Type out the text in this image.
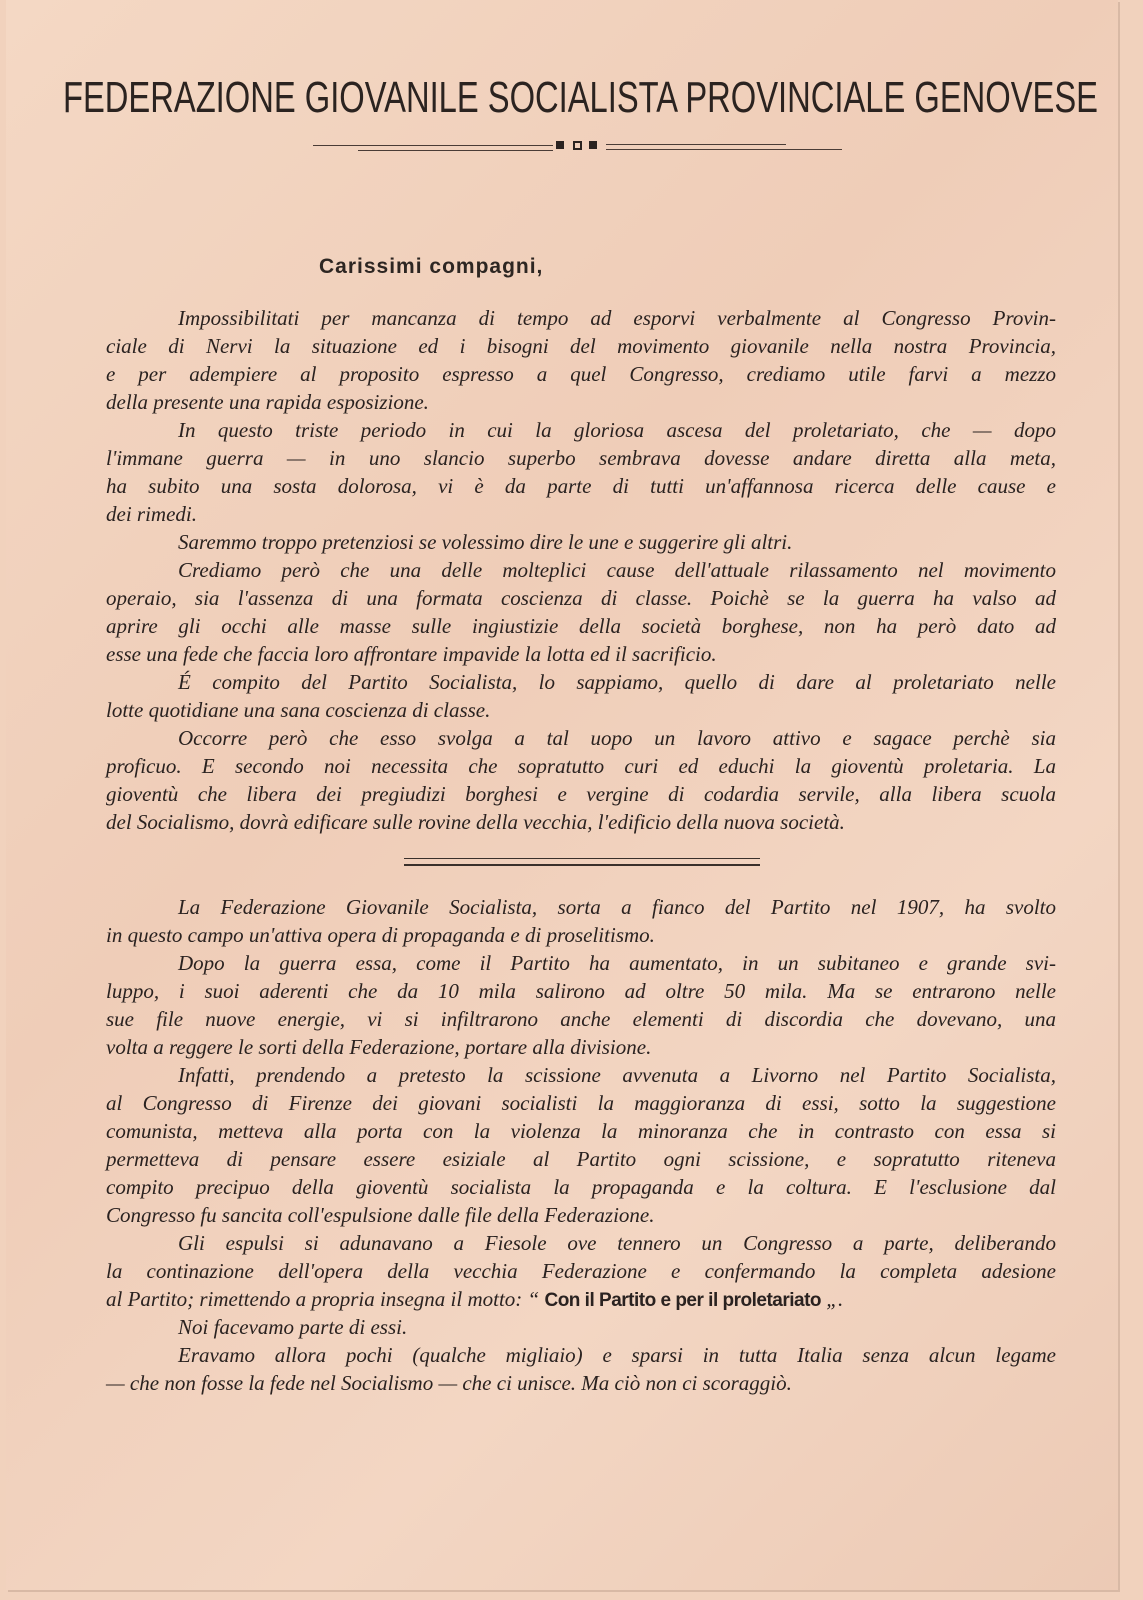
FEDERAZIONE GIOVANILE SOCIALISTA PROVINCIALE GENOVESE
Carissimi compagni,
Impossibilitati per mancanza di tempo ad esporvi verbalmente al Congresso Provin-
ciale di Nervi la situazione ed i bisogni del movimento giovanile nella nostra Provincia,
e per adempiere al proposito espresso a quel Congresso, crediamo utile farvi a mezzo
della presente una rapida esposizione.
In questo triste periodo in cui la gloriosa ascesa del proletariato, che — dopo
l'immane guerra — in uno slancio superbo sembrava dovesse andare diretta alla meta,
ha subito una sosta dolorosa, vi è da parte di tutti un'affannosa ricerca delle cause e
dei rimedi.
Saremmo troppo pretenziosi se volessimo dire le une e suggerire gli altri.
Crediamo però che una delle molteplici cause dell'attuale rilassamento nel movimento
operaio, sia l'assenza di una formata coscienza di classe. Poichè se la guerra ha valso ad
aprire gli occhi alle masse sulle ingiustizie della società borghese, non ha però dato ad
esse una fede che faccia loro affrontare impavide la lotta ed il sacrificio.
É compito del Partito Socialista, lo sappiamo, quello di dare al proletariato nelle
lotte quotidiane una sana coscienza di classe.
Occorre però che esso svolga a tal uopo un lavoro attivo e sagace perchè sia
proficuo. E secondo noi necessita che sopratutto curi ed educhi la gioventù proletaria. La
gioventù che libera dei pregiudizi borghesi e vergine di codardia servile, alla libera scuola
del Socialismo, dovrà edificare sulle rovine della vecchia, l'edificio della nuova società.
La Federazione Giovanile Socialista, sorta a fianco del Partito nel 1907, ha svolto
in questo campo un'attiva opera di propaganda e di proselitismo.
Dopo la guerra essa, come il Partito ha aumentato, in un subitaneo e grande svi-
luppo, i suoi aderenti che da 10 mila salirono ad oltre 50 mila. Ma se entrarono nelle
sue file nuove energie, vi si infiltrarono anche elementi di discordia che dovevano, una
volta a reggere le sorti della Federazione, portare alla divisione.
Infatti, prendendo a pretesto la scissione avvenuta a Livorno nel Partito Socialista,
al Congresso di Firenze dei giovani socialisti la maggioranza di essi, sotto la suggestione
comunista, metteva alla porta con la violenza la minoranza che in contrasto con essa si
permetteva di pensare essere esiziale al Partito ogni scissione, e sopratutto riteneva
compito precipuo della gioventù socialista la propaganda e la coltura. E l'esclusione dal
Congresso fu sancita coll'espulsione dalle file della Federazione.
Gli espulsi si adunavano a Fiesole ove tennero un Congresso a parte, deliberando
la continazione dell'opera della vecchia Federazione e confermando la completa adesione
al Partito; rimettendo a propria insegna il motto: “ Con il Partito e per il proletariato „.
Noi facevamo parte di essi.
Eravamo allora pochi (qualche migliaio) e sparsi in tutta Italia senza alcun legame
— che non fosse la fede nel Socialismo — che ci unisce. Ma ciò non ci scoraggiò.
